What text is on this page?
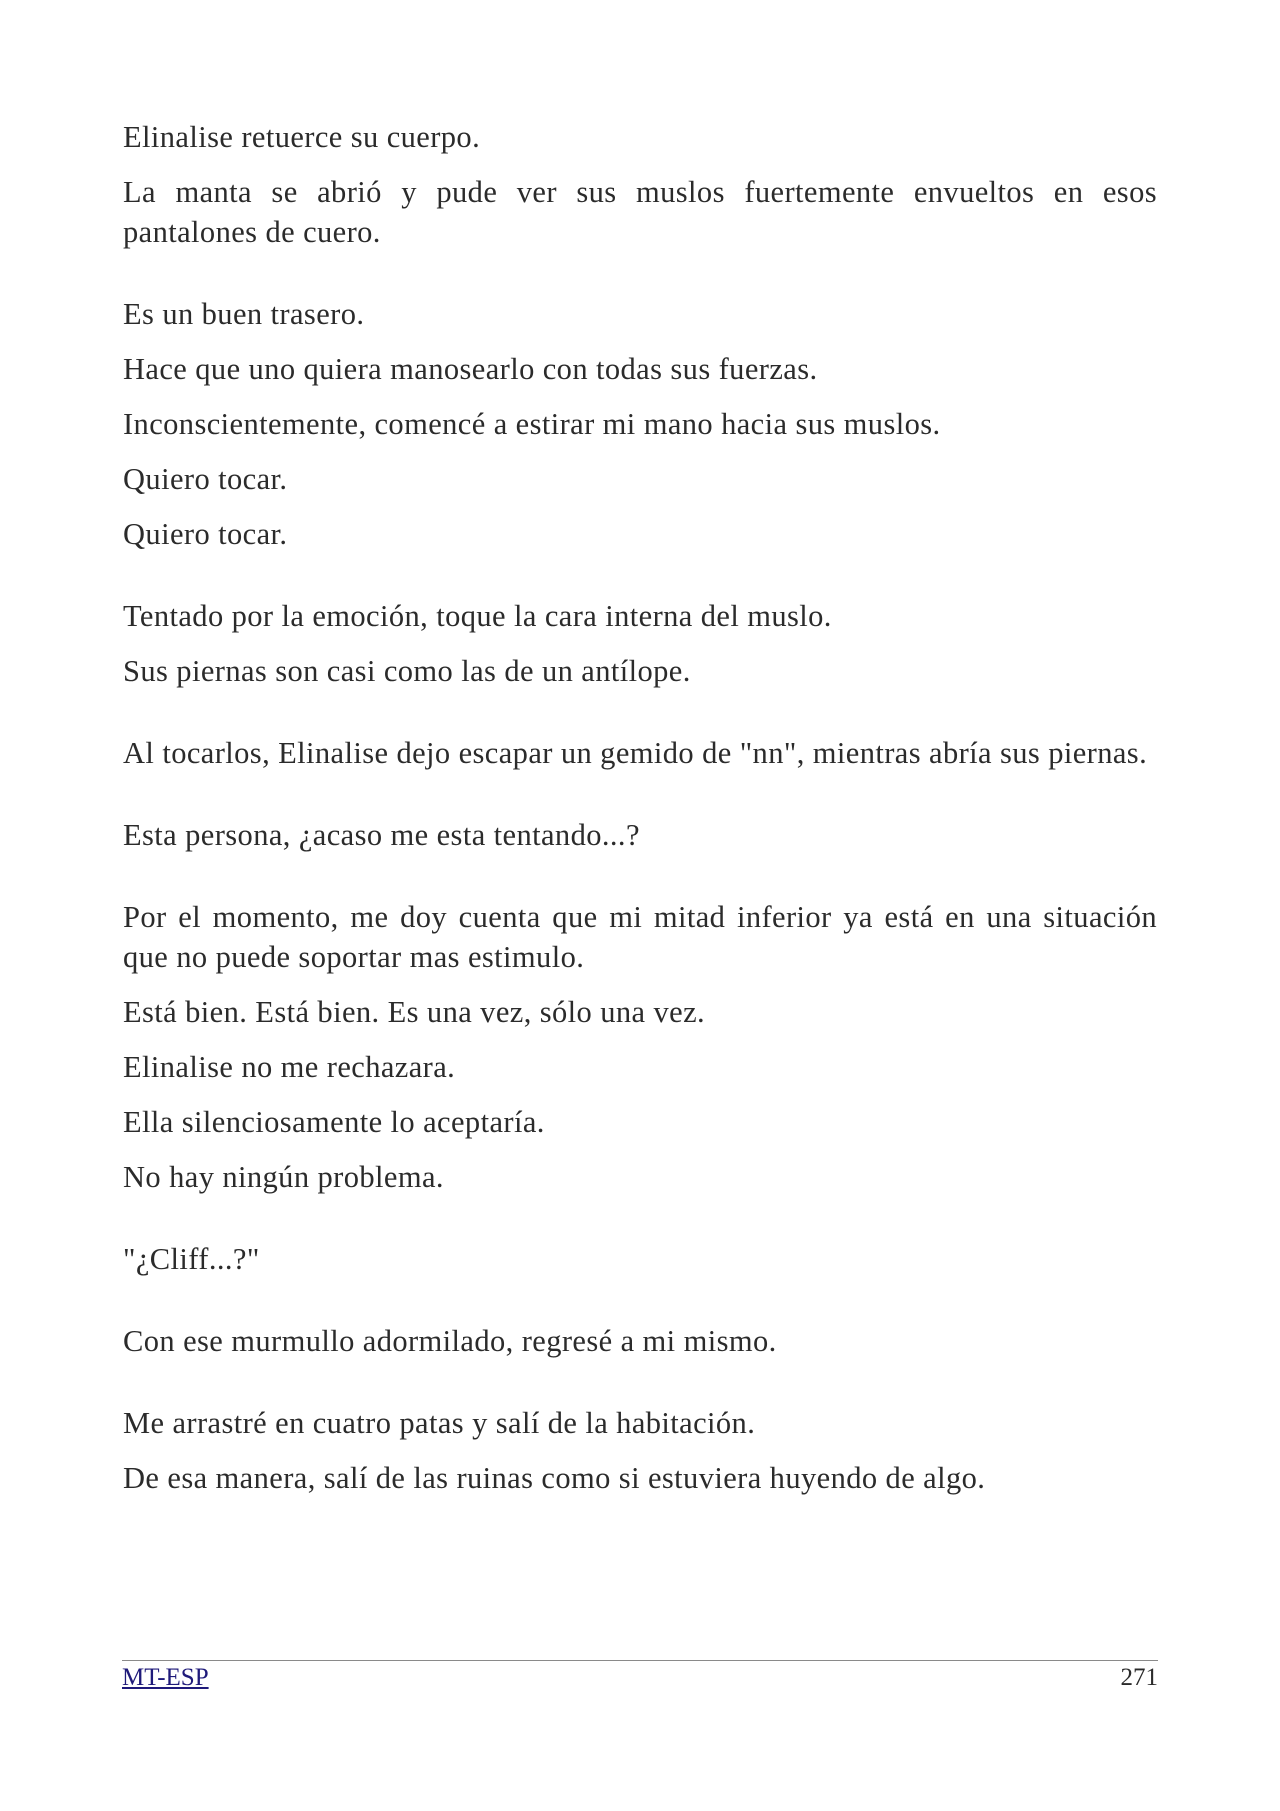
Elinalise retuerce su cuerpo.

La manta se abrió y pude ver sus muslos fuertemente envueltos en esos pantalones de cuero.

Es un buen trasero.

Hace que uno quiera manosearlo con todas sus fuerzas.

Inconscientemente, comencé a estirar mi mano hacia sus muslos.

Quiero tocar.

Quiero tocar.

Tentado por la emoción, toque la cara interna del muslo.

Sus piernas son casi como las de un antílope.

Al tocarlos, Elinalise dejo escapar un gemido de "nn", mientras abría sus piernas.

Esta persona, ¿acaso me esta tentando...?

Por el momento, me doy cuenta que mi mitad inferior ya está en una situación que no puede soportar mas estimulo.

Está bien. Está bien. Es una vez, sólo una vez.

Elinalise no me rechazara.

Ella silenciosamente lo aceptaría.

No hay ningún problema.

"¿Cliff...?"

Con ese murmullo adormilado, regresé a mi mismo.

Me arrastré en cuatro patas y salí de la habitación.

De esa manera, salí de las ruinas como si estuviera huyendo de algo.

MT-ESP	271
